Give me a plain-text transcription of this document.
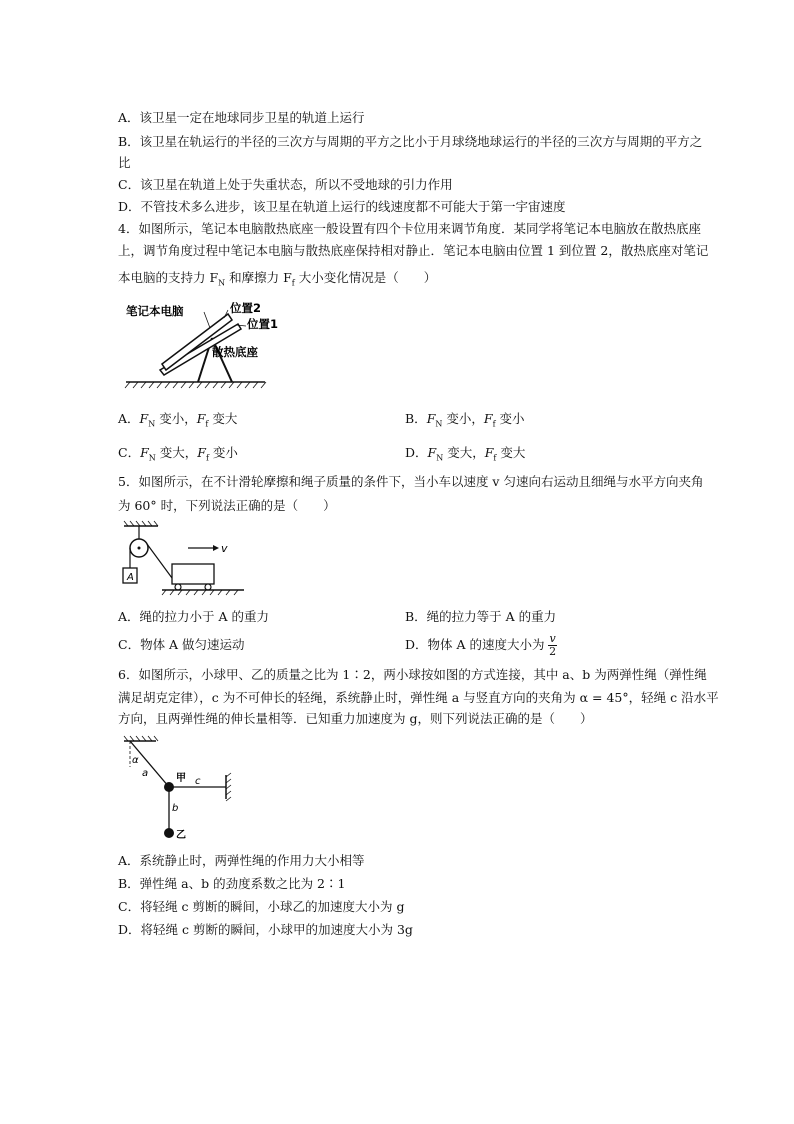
A．该卫星一定在地球同步卫星的轨道上运行
B．该卫星在轨运行的半径的三次方与周期的平方之比小于月球绕地球运行的半径的三次方与周期的平方之
比
C．该卫星在轨道上处于失重状态，所以不受地球的引力作用
D．不管技术多么进步，该卫星在轨道上运行的线速度都不可能大于第一宇宙速度
4．如图所示，笔记本电脑散热底座一般设置有四个卡位用来调节角度．某同学将笔记本电脑放在散热底座
上，调节角度过程中笔记本电脑与散热底座保持相对静止．笔记本电脑由位置 1 到位置 2，散热底座对笔记
本电脑的支持力 $F_N$ 和摩擦力 $F_f$ 大小变化情况是（　　）
笔记本电脑	位置2
位置1
散热底座
A．$F_N$ 变小，$F_f$ 变大	B．$F_N$ 变小，$F_f$ 变小
C．$F_N$ 变大，$F_f$ 变小	D．$F_N$ 变大，$F_f$ 变大
5．如图所示，在不计滑轮摩擦和绳子质量的条件下，当小车以速度 v 匀速向右运动且细绳与水平方向夹角
为 60° 时，下列说法正确的是（　　）
A
v
A．绳的拉力小于 A 的重力	B．绳的拉力等于 A 的重力
C．物体 A 做匀速运动	D．物体 A 的速度大小为 $\frac{v}{2}$
6．如图所示，小球甲、乙的质量之比为 1∶2，两小球按如图的方式连接，其中 a、b 为两弹性绳（弹性绳
满足胡克定律），c 为不可伸长的轻绳，系统静止时，弹性绳 a 与竖直方向的夹角为 α = 45°，轻绳 c 沿水平
方向，且两弹性绳的伸长量相等．已知重力加速度为 g，则下列说法正确的是（　　）
α
a
b
c
甲
乙
A．系统静止时，两弹性绳的作用力大小相等
B．弹性绳 a、b 的劲度系数之比为 2∶1
C．将轻绳 c 剪断的瞬间，小球乙的加速度大小为 g
D．将轻绳 c 剪断的瞬间，小球甲的加速度大小为 3g
